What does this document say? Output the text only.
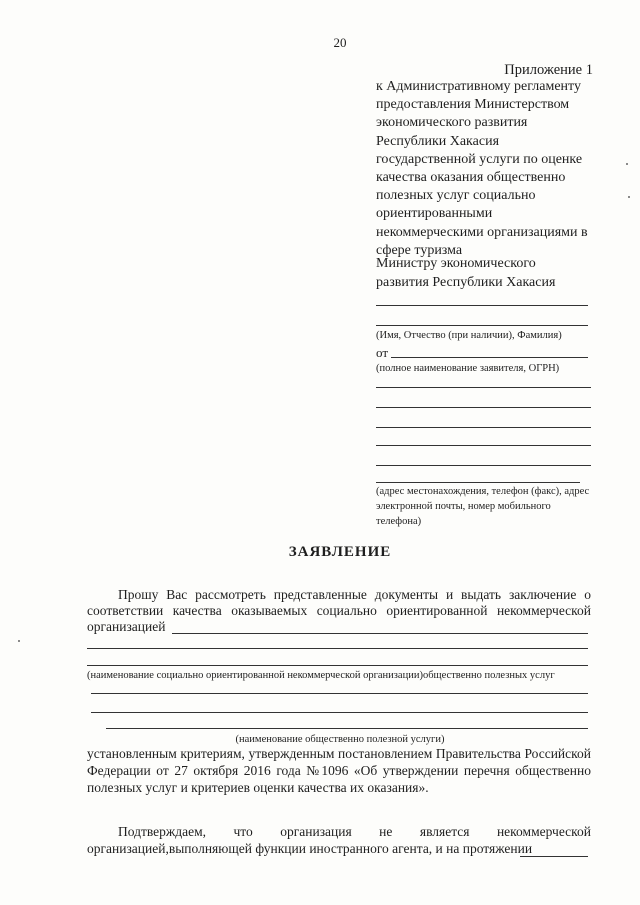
20
Приложение 1
к Административному регламенту
предоставления Министерством
экономического развития
Республики Хакасия
государственной услуги по оценке
качества оказания общественно
полезных услуг социально
ориентированными
некоммерческими организациями в
сфере туризма
Министру экономического
развития Республики Хакасия
(Имя, Отчество (при наличии), Фамилия)
от
(полное наименование заявителя, ОГРН)
(адрес местонахождения, телефон (факс), адрес электронной почты, номер мобильного телефона)
ЗАЯВЛЕНИЕ
Прошу Вас рассмотреть представленные документы и выдать заключение о
соответствии качества оказываемых социально ориентированной некоммерческой
организацией
(наименование социально ориентированной некоммерческой организации)общественно полезных услуг
(наименование общественно полезной услуги)
установленным критериям, утвержденным постановлением Правительства Российской
Федерации от 27 октября 2016 года №1096 «Об утверждении перечня общественно
полезных услуг и критериев оценки качества их оказания».
Подтверждаем, что организация не является некоммерческой
организацией,выполняющей функции иностранного агента, и на протяжении
